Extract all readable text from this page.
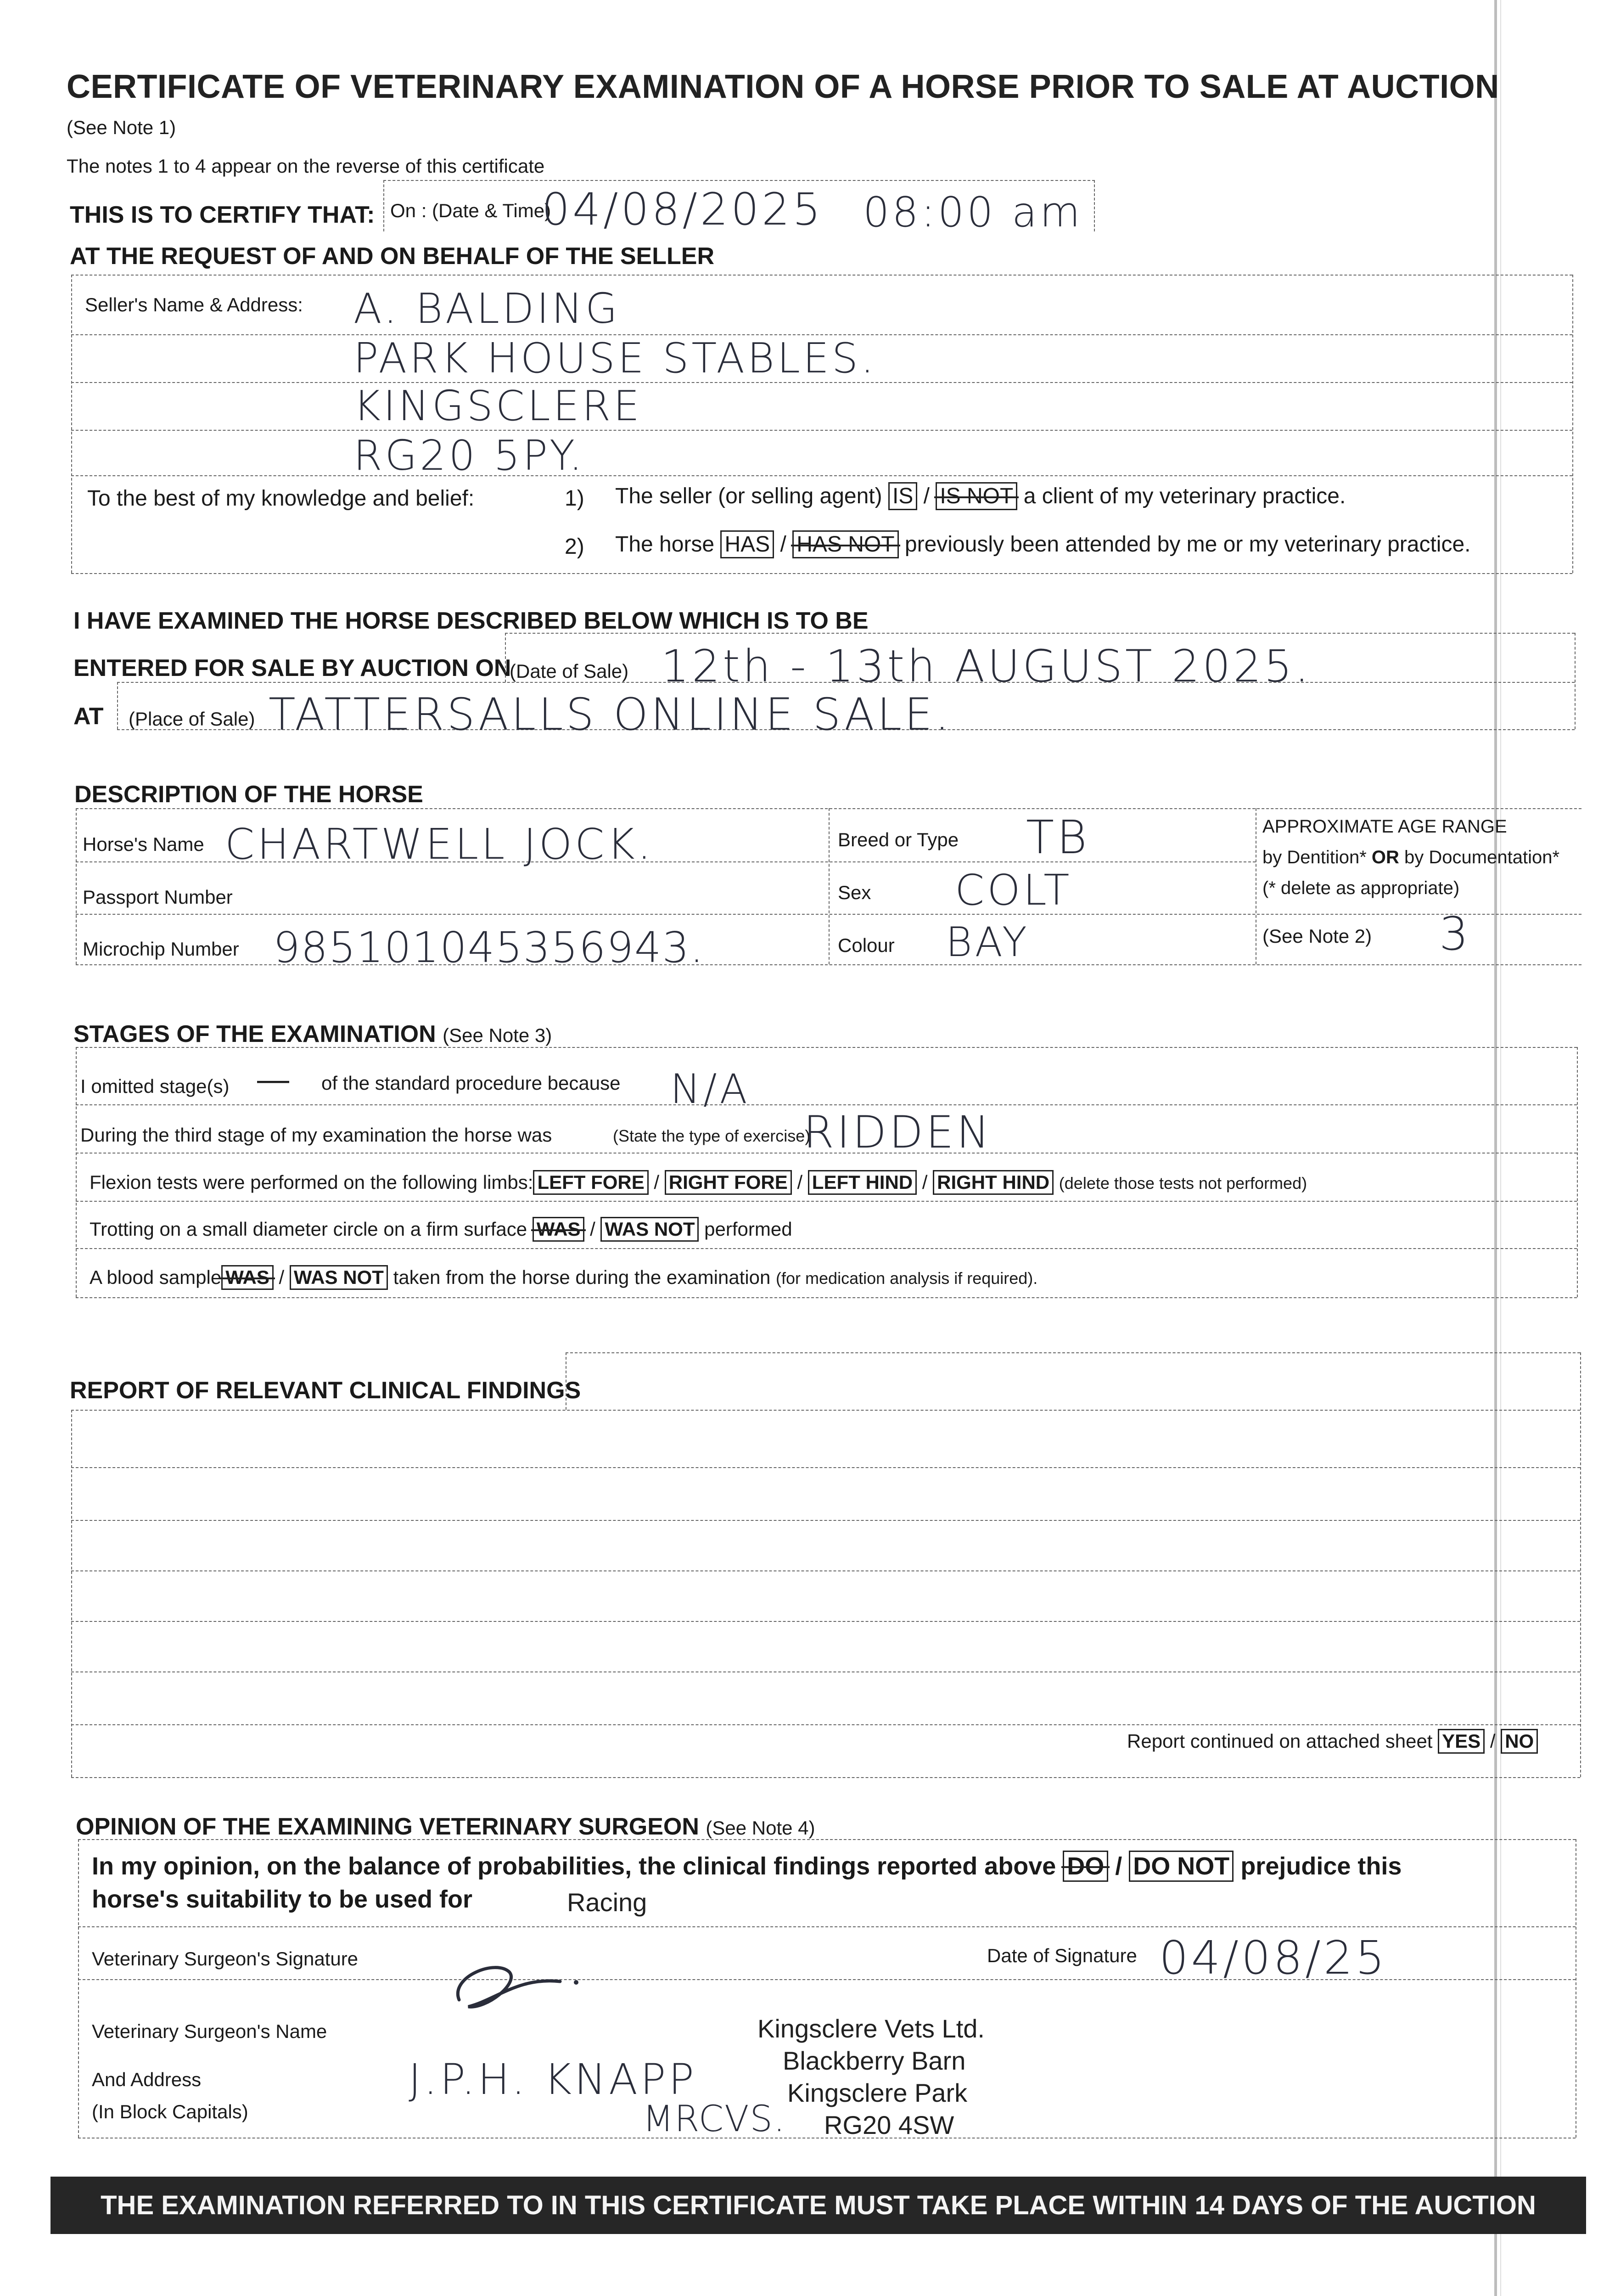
CERTIFICATE OF VETERINARY EXAMINATION OF A HORSE PRIOR TO SALE AT AUCTION
(See Note 1)
The notes 1 to 4 appear on the reverse of this certificate
THIS IS TO CERTIFY THAT: On : (Date & Time)
04/08/2025 08:00 am
AT THE REQUEST OF AND ON BEHALF OF THE SELLER
Seller's Name & Address: A. BALDING
PARK HOUSE STABLES.
KINGSCLERE
RG20 5PY.
To the best of my knowledge and belief:	1) The seller (or selling agent) IS / IS NOT a client of my veterinary practice.
2) The horse HAS / HAS NOT previously been attended by me or my veterinary practice.
I HAVE EXAMINED THE HORSE DESCRIBED BELOW WHICH IS TO BE
ENTERED FOR SALE BY AUCTION ON
(Date of Sale) 12th - 13th AUGUST 2025.
AT (Place of Sale) TATTERSALLS ONLINE SALE.
DESCRIPTION OF THE HORSE
Horse's Name CHARTWELL JOCK.
Passport Number
Microchip Number 985101045356943.
Breed or Type TB
Sex COLT
Colour BAY
APPROXIMATE AGE RANGE
by Dentition* OR by Documentation*
(* delete as appropriate)
(See Note 2) 3
STAGES OF THE EXAMINATION (See Note 3)
I omitted stage(s) — of the standard procedure because N/A
During the third stage of my examination the horse was	(State the type of exercise)
RIDDEN
Flexion tests were performed on the following limbs: LEFT FORE / RIGHT FORE / LEFT HIND / RIGHT HIND (delete those tests not performed)
Trotting on a small diameter circle on a firm surface WAS / WAS NOT performed
A blood sample WAS / WAS NOT taken from the horse during the examination (for medication analysis if required).
REPORT OF RELEVANT CLINICAL FINDINGS
Report continued on attached sheet YES / NO
OPINION OF THE EXAMINING VETERINARY SURGEON (See Note 4)
In my opinion, on the balance of probabilities, the clinical findings reported above DO / DO NOT prejudice this
horse's suitability to be used for	Racing
Veterinary Surgeon's Signature	Date of Signature 04/08/25
Veterinary Surgeon's Name
And Address
(In Block Capitals)
J.P.H. KNAPP
MRCVS.
Kingsclere Vets Ltd.
Blackberry Barn
Kingsclere Park
RG20 4SW
THE EXAMINATION REFERRED TO IN THIS CERTIFICATE MUST TAKE PLACE WITHIN 14 DAYS OF THE AUCTION
